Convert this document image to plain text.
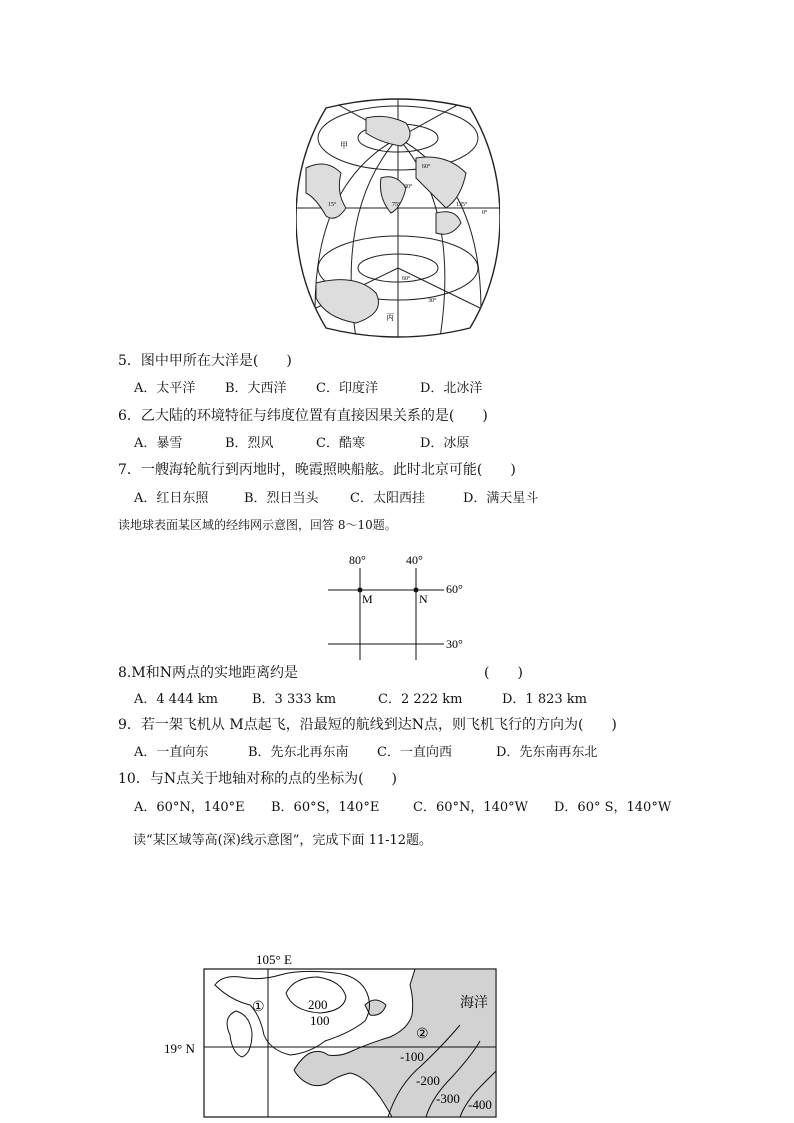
甲
60°
30°
15°	75°	135°
0°
60°
30°
丙
5．图中甲所在大洋是(　　)
A．太平洋 B．大西洋 C．印度洋	D．北冰洋
6．乙大陆的环境特征与纬度位置有直接因果关系的是(　　)
A．暴雪	B．烈风	C．酷寒	D．冰原
7．一艘海轮航行到丙地时，晚霞照映船舷。此时北京可能(　　)
A．红日东照	B．烈日当头 C．太阳西挂	D．满天星斗
读地球表面某区域的经纬网示意图，回答 8～10题。
80°	40°
60°
30°
M	N
8.M和N两点的实地距离约是	(　　)
A．4 444 km	B．3 333 km	C．2 222 km	D．1 823 km
9．若一架飞机从 M点起飞，沿最短的航线到达N点，则飞机飞行的方向为(　　)
A．一直向东	B．先东北再东南 C．一直向西	D．先东南再东北
10．与N点关于地轴对称的点的坐标为(　　)
A．60°N，140°E B．60°S，140°E	C．60°N，140°W D．60° S，140°W
读“某区域等高(深)线示意图”，完成下面 11-12题。
105° E
19° N
海洋
①
②
200
100
-100
-200
-300 -400
